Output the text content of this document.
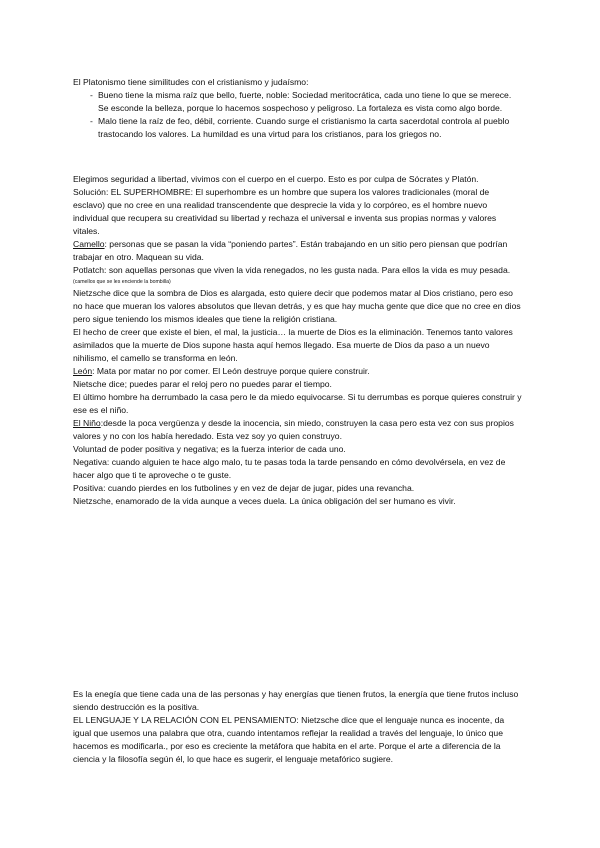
El Platonismo tiene similitudes con el cristianismo y judaísmo:

- Bueno tiene la misma raíz que bello, fuerte, noble: Sociedad meritocrática, cada uno tiene lo que se merece. Se esconde la belleza, porque lo hacemos sospechoso y peligroso. La fortaleza es vista como algo borde.
- Malo tiene la raíz de feo, débil, corriente. Cuando surge el cristianismo la carta sacerdotal controla al pueblo trastocando los valores. La humildad es una virtud para los cristianos, para los griegos no.

Elegimos seguridad a libertad, vivimos con el cuerpo en el cuerpo. Esto es por culpa de Sócrates y Platón.

Solución: EL SUPERHOMBRE: El superhombre es un hombre que supera los valores tradicionales (moral de esclavo) que no cree en una realidad transcendente que desprecie la vida y lo corpóreo, es el hombre nuevo individual que recupera su creatividad su libertad y rechaza el universal e inventa sus propias normas y valores vitales.

Camello: personas que se pasan la vida “poniendo partes”. Están trabajando en un sitio pero piensan que podrían trabajar en otro. Maquean su vida.

Potlatch: son aquellas personas que viven la vida renegados, no les gusta nada. Para ellos la vida es muy pesada.

(camellos que se les enciende la bombilla)

Nietzsche dice que la sombra de Dios es alargada, esto quiere decir que podemos matar al Dios cristiano, pero eso no hace que mueran los valores absolutos que llevan detrás, y es que hay mucha gente que dice que no cree en dios pero sigue teniendo los mismos ideales que tiene la religión cristiana.

El hecho de creer que existe el bien, el mal, la justicia… la muerte de Dios es la eliminación. Tenemos tanto valores asimilados que la muerte de Dios supone hasta aquí hemos llegado. Esa muerte de Dios da paso a un nuevo nihilismo, el camello se transforma en león.

León: Mata por matar no por comer. El León destruye porque quiere construir.

Nietsche dice; puedes parar el reloj pero no puedes parar el tiempo.

El último hombre ha derrumbado la casa pero le da miedo equivocarse. Si tu derrumbas es porque quieres construir y ese es el niño.

El Niño:desde la poca vergüenza y desde la inocencia, sin miedo, construyen la casa pero esta vez con sus propios valores y no con los había heredado. Esta vez soy yo quien construyo.

Voluntad de poder positiva y negativa; es la fuerza interior de cada uno.

Negativa: cuando alguien te hace algo malo, tu te pasas toda la tarde pensando en cómo devolvérsela, en vez de hacer algo que ti te aproveche o te guste.

Positiva: cuando pierdes en los futbolines y en vez de dejar de jugar, pides una revancha.

Nietzsche, enamorado de la vida aunque a veces duela. La única obligación del ser humano es vivir.

Es la enegía que tiene cada una de las personas y hay energías que tienen frutos, la energía que tiene frutos incluso siendo destrucción es la positiva.

EL LENGUAJE Y LA RELACIÓN CON EL PENSAMIENTO: Nietzsche dice que el lenguaje nunca es inocente, da igual que usemos una palabra que otra, cuando intentamos reflejar la realidad a través del lenguaje, lo único que hacemos es modificarla., por eso es creciente la metáfora que habita en el arte. Porque el arte a diferencia de la ciencia y la filosofía según él, lo que hace es sugerir, el lenguaje metafórico sugiere.
